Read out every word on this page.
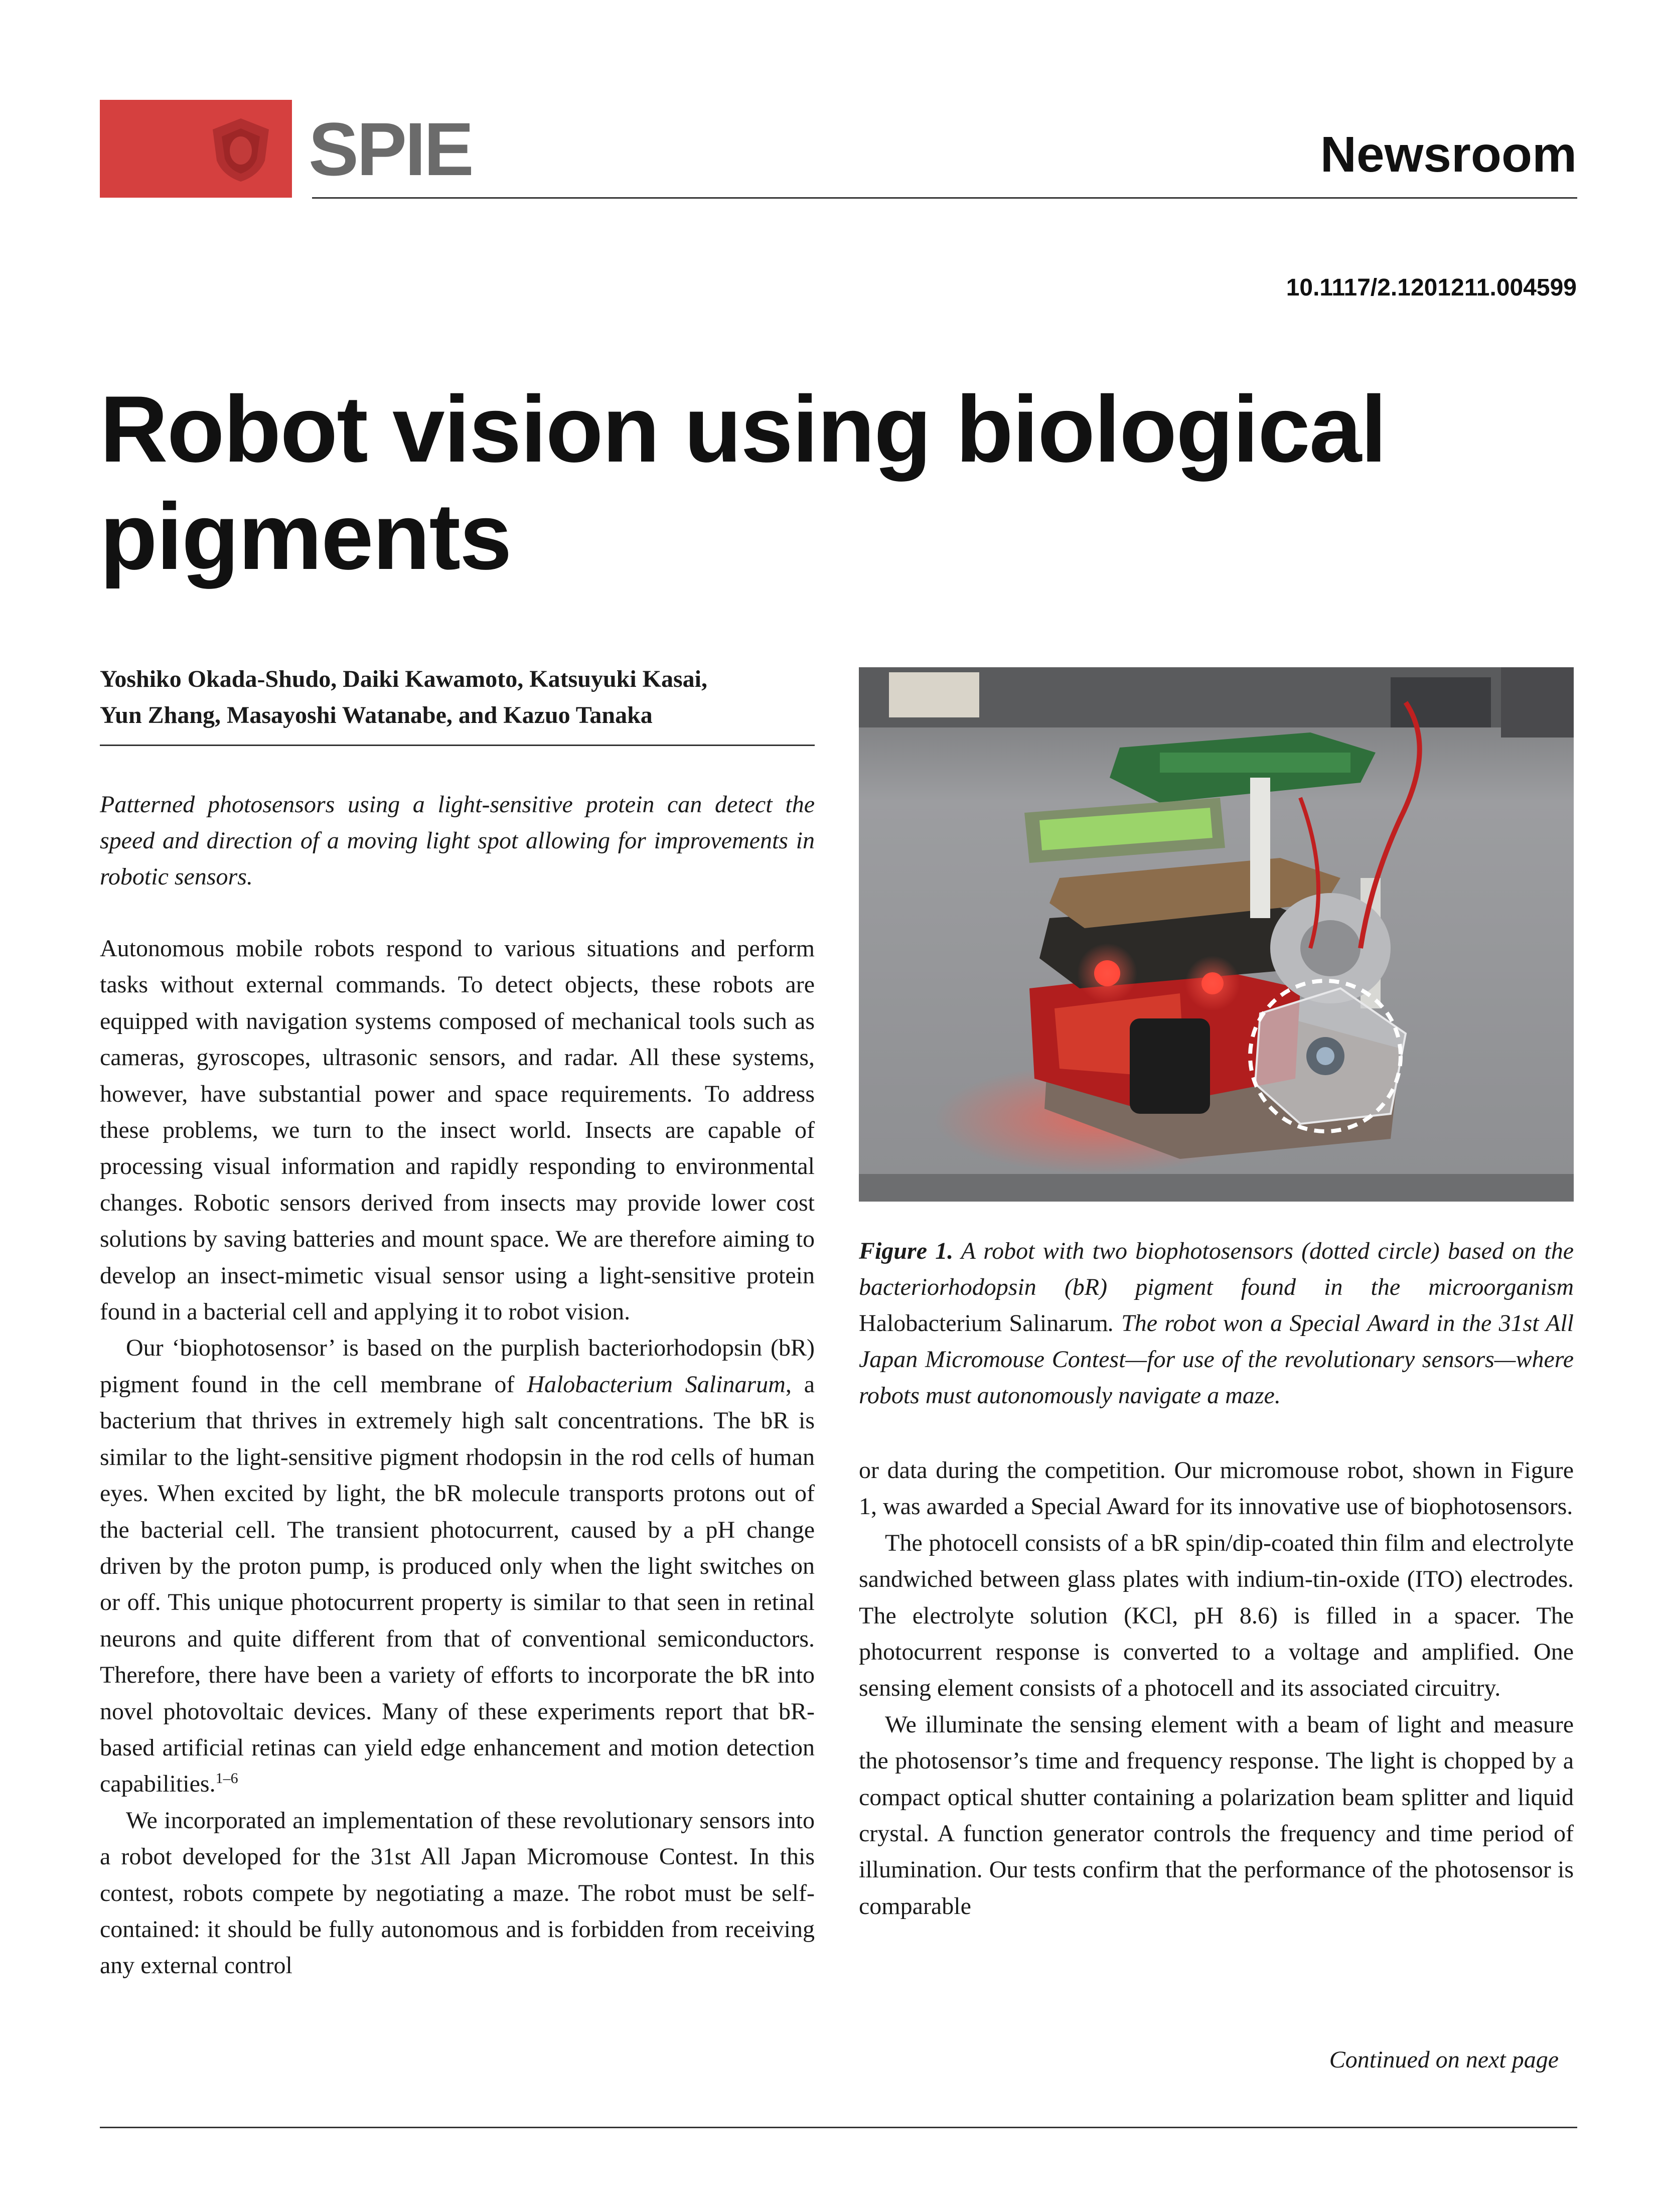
SPIE	Newsroom
10.1117/2.1201211.004599
Robot vision using biological
pigments

Yoshiko Okada-Shudo, Daiki Kawamoto, Katsuyuki Kasai,
Yun Zhang, Masayoshi Watanabe, and Kazuo Tanaka

Patterned photosensors using a light-sensitive protein can detect the speed and direction of a moving light spot allowing for improvements in robotic sensors.

Autonomous mobile robots respond to various situations and perform tasks without external commands. To detect objects, these robots are equipped with navigation systems composed of mechanical tools such as cameras, gyroscopes, ultrasonic sensors, and radar. All these systems, however, have substantial power and space requirements. To address these problems, we turn to the insect world. Insects are capable of processing visual information and rapidly responding to environmental changes. Robotic sensors derived from insects may provide lower cost solutions by saving batteries and mount space. We are therefore aiming to develop an insect-mimetic visual sensor using a light-sensitive protein found in a bacterial cell and applying it to robot vision.

Our ‘biophotosensor’ is based on the purplish bacteriorhodopsin (bR) pigment found in the cell membrane of Halobacterium Salinarum, a bacterium that thrives in extremely high salt concentrations. The bR is similar to the light-sensitive pigment rhodopsin in the rod cells of human eyes. When excited by light, the bR molecule transports protons out of the bacterial cell. The transient photocurrent, caused by a pH change driven by the proton pump, is produced only when the light switches on or off. This unique photocurrent property is similar to that seen in retinal neurons and quite different from that of conventional semiconductors. Therefore, there have been a variety of efforts to incorporate the bR into novel photovoltaic devices. Many of these experiments report that bR-based artificial retinas can yield edge enhancement and motion detection capabilities.$^{1-6}$

We incorporated an implementation of these revolutionary sensors into a robot developed for the 31st All Japan Micromouse Contest. In this contest, robots compete by negotiating a maze. The robot must be self-contained: it should be fully autonomous and is forbidden from receiving any external control

Figure 1. A robot with two biophotosensors (dotted circle) based on the bacteriorhodopsin (bR) pigment found in the microorganism Halobacterium Salinarum. The robot won a Special Award in the 31st All Japan Micromouse Contest—for use of the revolutionary sensors—where robots must autonomously navigate a maze.

or data during the competition. Our micromouse robot, shown in Figure 1, was awarded a Special Award for its innovative use of biophotosensors.

The photocell consists of a bR spin/dip-coated thin film and electrolyte sandwiched between glass plates with indium-tin-oxide (ITO) electrodes. The electrolyte solution (KCl, pH 8.6) is filled in a spacer. The photocurrent response is converted to a voltage and amplified. One sensing element consists of a photocell and its associated circuitry.

We illuminate the sensing element with a beam of light and measure the photosensor’s time and frequency response. The light is chopped by a compact optical shutter containing a polarization beam splitter and liquid crystal. A function generator controls the frequency and time period of illumination. Our tests confirm that the performance of the photosensor is comparable

Continued on next page
